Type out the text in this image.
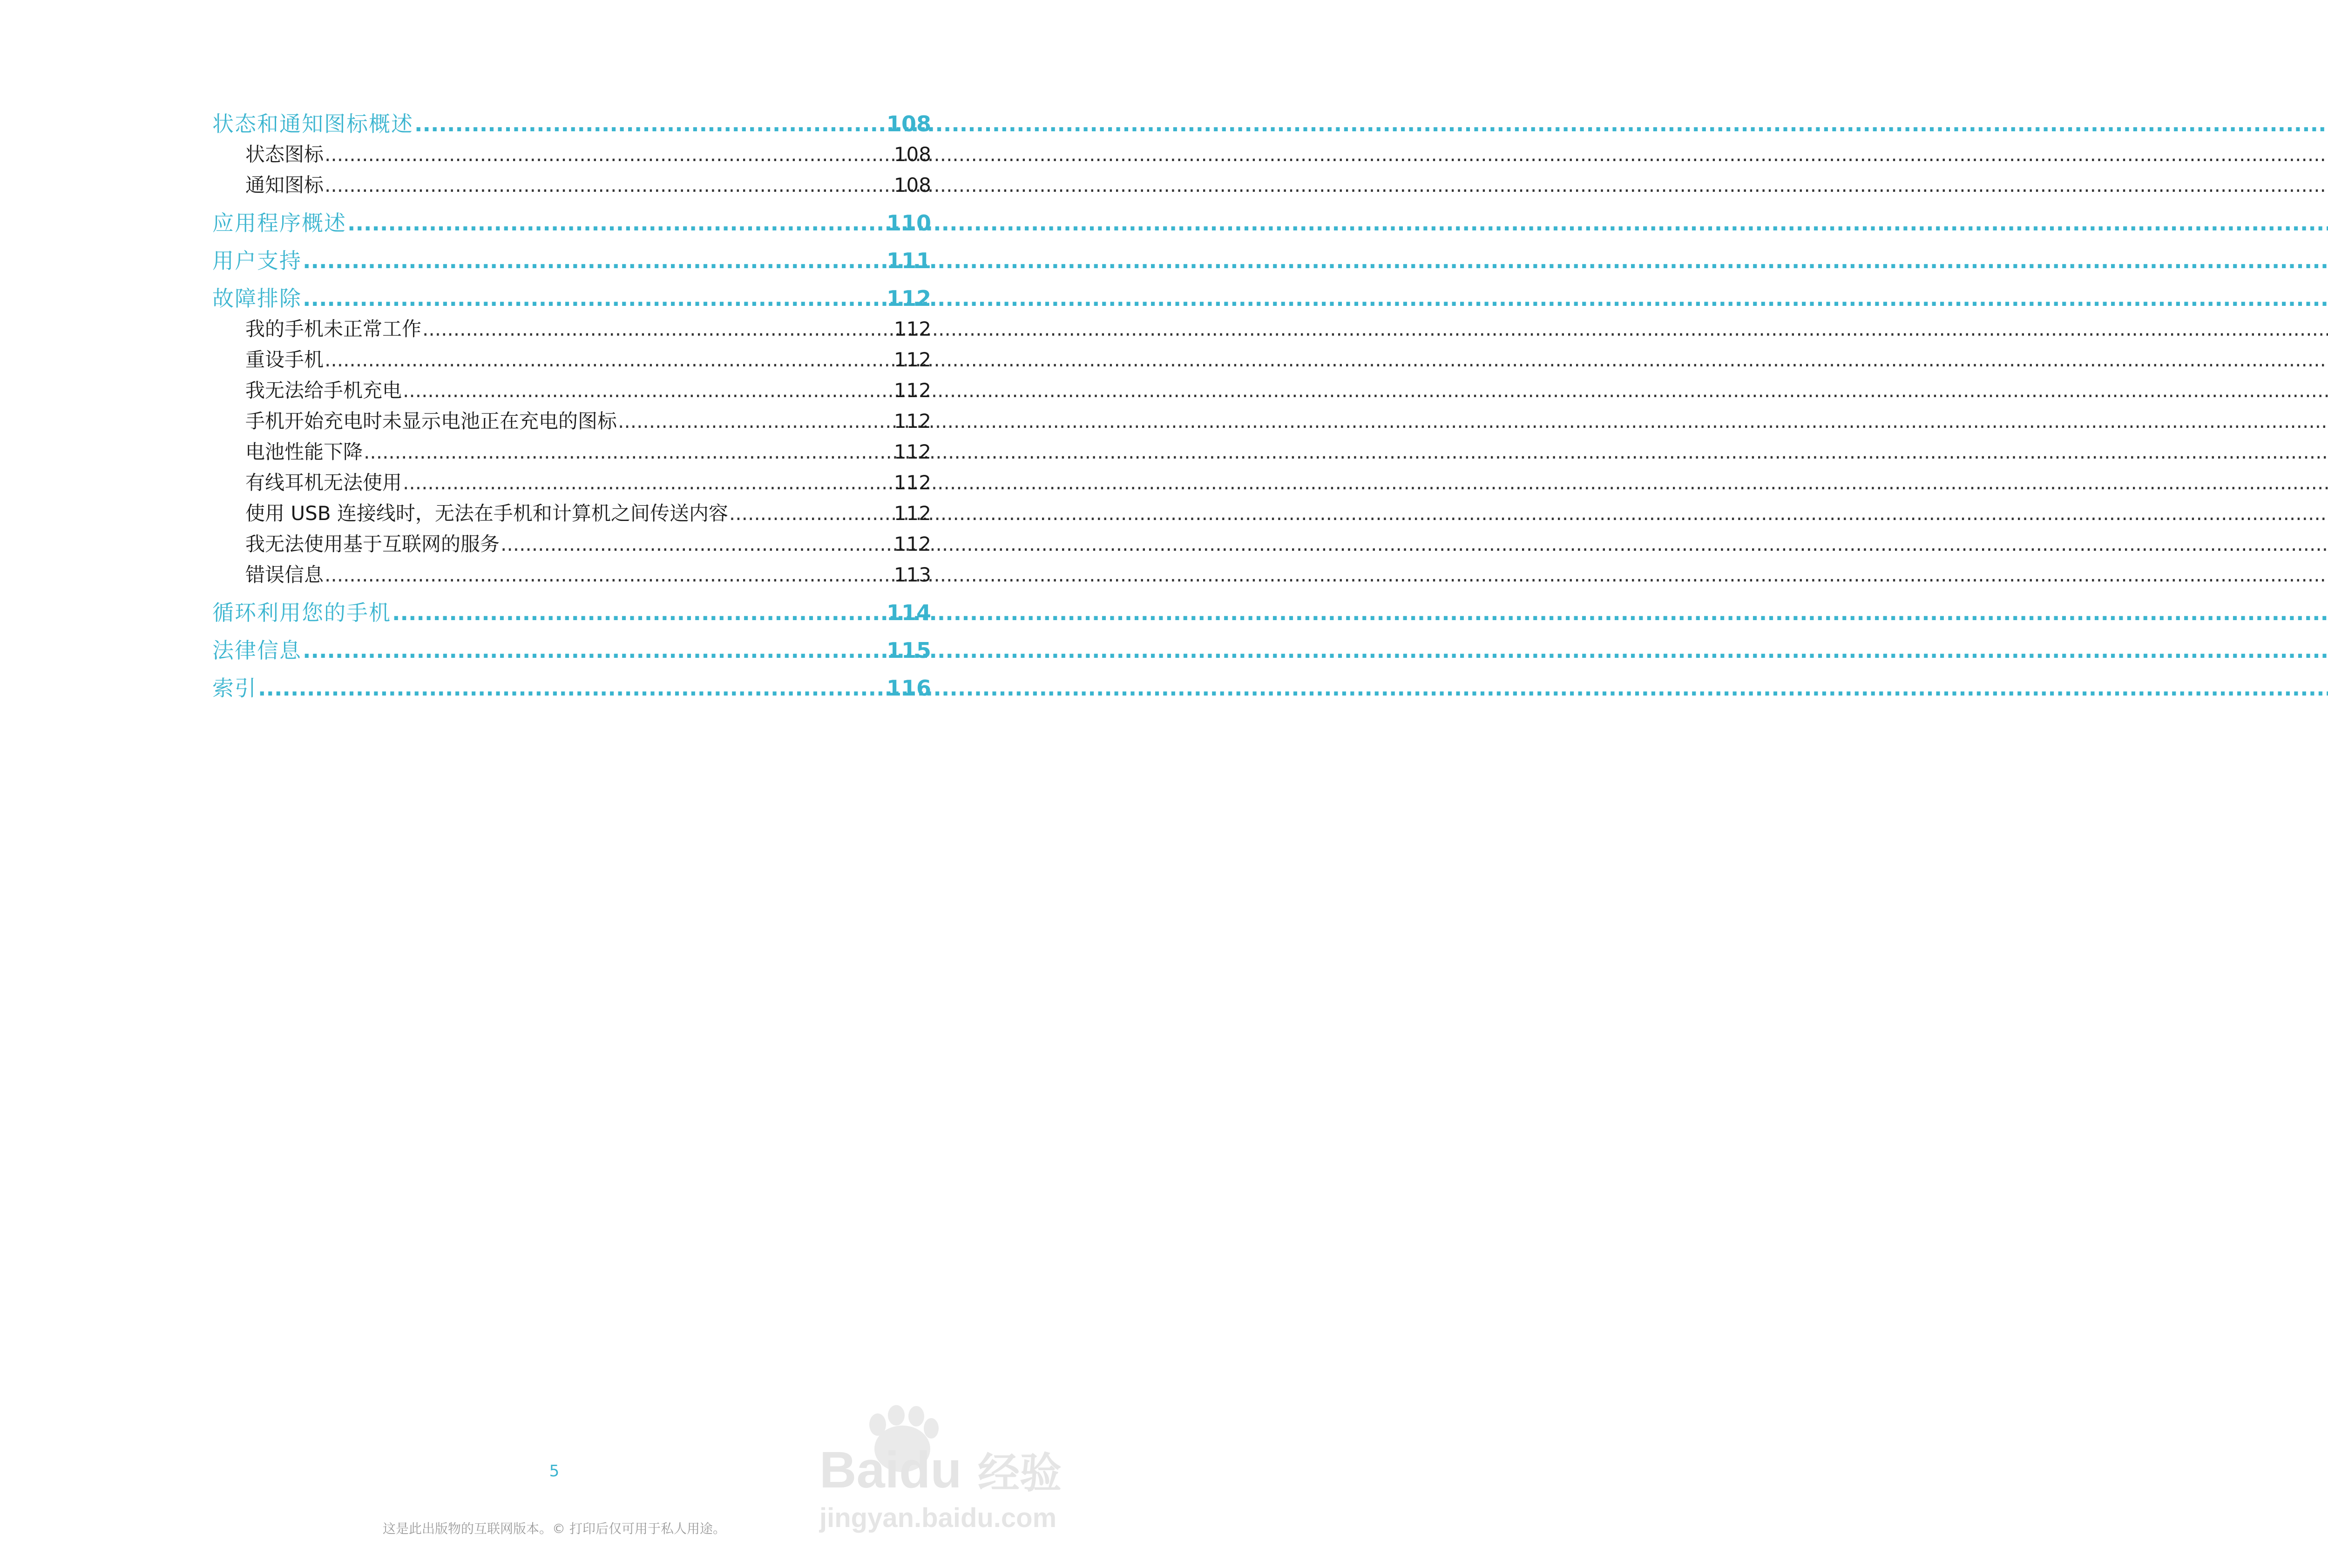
状态和通知图标概述 .....	108
状态图标 .....	108
通知图标 .....	108
应用程序概述 .....	110
用户支持 .....	111
故障排除 .....	112
我的手机未正常工作 .....	112
重设手机 .....	112
我无法给手机充电 .....	112
手机开始充电时未显示电池正在充电的图标 .....	112
电池性能下降 .....	112
有线耳机无法使用 .....	112
使用 USB 连接线时，无法在手机和计算机之间传送内容 .....	112
我无法使用基于互联网的服务 .....	112
错误信息 .....	113
循环利用您的手机 .....	114
法律信息 .....	115
索引 .....	116
5
这是此出版物的互联网版本。© 打印后仅可用于私人用途。
Baidu 经验
jingyan.baidu.com
